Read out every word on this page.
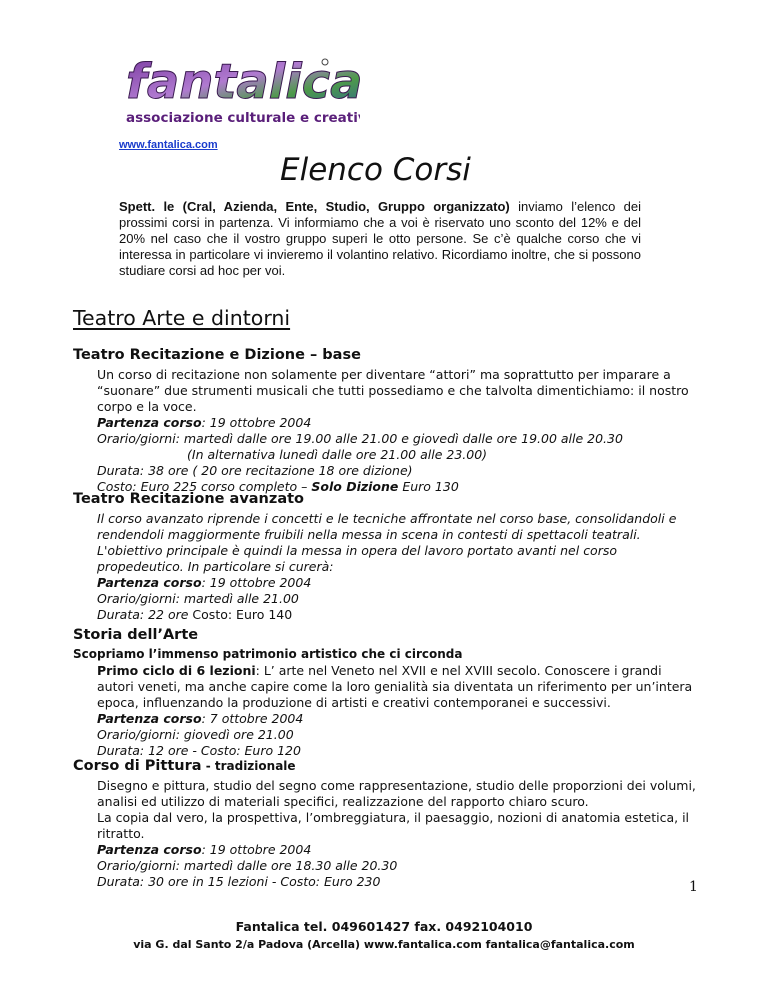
fantalica
associazione culturale e creativa
www.fantalica.com
Elenco Corsi
Spett. le (Cral, Azienda, Ente, Studio, Gruppo organizzato) inviamo l’elenco dei prossimi corsi in partenza. Vi informiamo che a voi è riservato uno sconto del 12% e del 20% nel caso che il vostro gruppo superi le otto persone. Se c’è qualche corso che vi interessa in particolare vi invieremo il volantino relativo. Ricordiamo inoltre, che si possono studiare corsi ad hoc per voi.
Teatro Arte e dintorni
Teatro Recitazione e Dizione – base

Un corso di recitazione non solamente per diventare “attori” ma soprattutto per imparare a “suonare” due strumenti musicali che tutti possediamo e che talvolta dimentichiamo: il nostro corpo e la voce.

Partenza corso: 19 ottobre 2004

Orario/giorni: martedì dalle ore 19.00 alle 21.00 e giovedì dalle ore 19.00 alle 20.30

(In alternativa lunedì dalle ore 21.00 alle 23.00)

Durata: 38 ore ( 20 ore recitazione 18 ore dizione)

Costo: Euro 225 corso completo – Solo Dizione Euro 130

Teatro Recitazione avanzato

Il corso avanzato riprende i concetti e le tecniche affrontate nel corso base, consolidandoli e rendendoli maggiormente fruibili nella messa in scena in contesti di spettacoli teatrali. L'obiettivo principale è quindi la messa in opera del lavoro portato avanti nel corso propedeutico. In particolare si curerà:

Partenza corso: 19 ottobre 2004

Orario/giorni: martedì alle 21.00

Durata: 22 ore Costo: Euro 140

Storia dell’Arte
Scopriamo l’immenso patrimonio artistico che ci circonda

Primo ciclo di 6 lezioni: L’ arte nel Veneto nel XVII e nel XVIII secolo. Conoscere i grandi autori veneti, ma anche capire come la loro genialità sia diventata un riferimento per un’intera epoca, influenzando la produzione di artisti e creativi contemporanei e successivi.

Partenza corso: 7 ottobre 2004

Orario/giorni: giovedì ore 21.00

Durata: 12 ore - Costo: Euro 120

Corso di Pittura - tradizionale

Disegno e pittura, studio del segno come rappresentazione, studio delle proporzioni dei volumi, analisi ed utilizzo di materiali specifici, realizzazione del rapporto chiaro scuro.

La copia dal vero, la prospettiva, l’ombreggiatura, il paesaggio, nozioni di anatomia estetica, il ritratto.

Partenza corso: 19 ottobre 2004

Orario/giorni: martedì dalle ore 18.30 alle 20.30

Durata: 30 ore in 15 lezioni - Costo: Euro 230	1
Fantalica tel. 049601427 fax. 0492104010
via G. dal Santo 2/a Padova (Arcella) www.fantalica.com fantalica@fantalica.com
